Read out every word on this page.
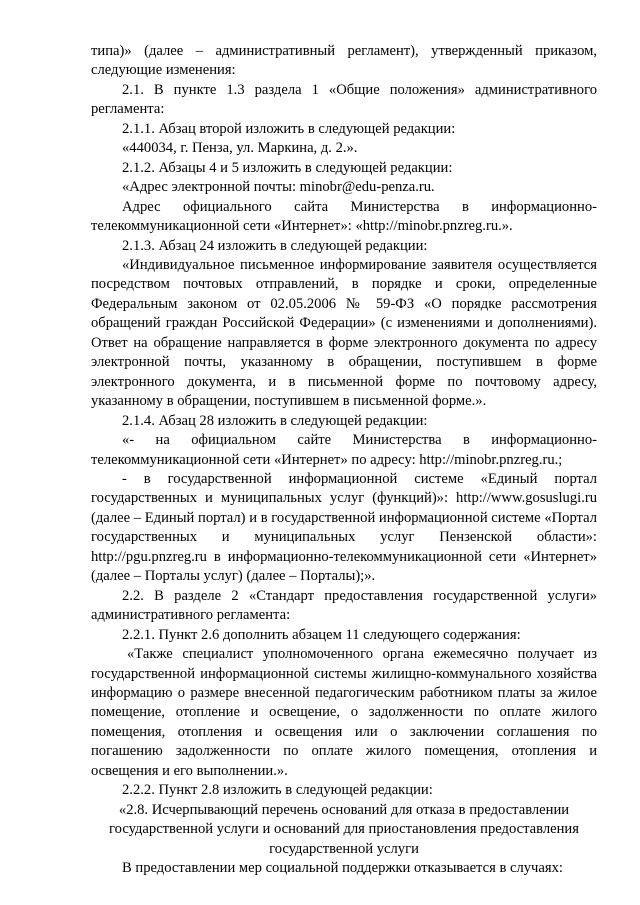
типа)» (далее – административный регламент), утвержденный приказом, следующие изменения:

2.1. В пункте 1.3 раздела 1 «Общие положения» административного регламента:

2.1.1. Абзац второй изложить в следующей редакции:

«440034, г. Пенза, ул. Маркина, д. 2.».

2.1.2. Абзацы 4 и 5 изложить в следующей редакции:

«Адрес электронной почты: minobr@edu-penza.ru.

Адрес официального сайта Министерства в информационно-телекоммуникационной сети «Интернет»: «http://minobr.pnzreg.ru.».

2.1.3. Абзац 24 изложить в следующей редакции:

«Индивидуальное письменное информирование заявителя осуществляется посредством почтовых отправлений, в порядке и сроки, определенные Федеральным законом от 02.05.2006 № 59-ФЗ «О порядке рассмотрения обращений граждан Российской Федерации» (с изменениями и дополнениями). Ответ на обращение направляется в форме электронного документа по адресу электронной почты, указанному в обращении, поступившем в форме электронного документа, и в письменной форме по почтовому адресу, указанному в обращении, поступившем в письменной форме.».

2.1.4. Абзац 28 изложить в следующей редакции:

«- на официальном сайте Министерства в информационно-телекоммуникационной сети «Интернет» по адресу: http://minobr.pnzreg.ru.;

- в государственной информационной системе «Единый портал государственных и муниципальных услуг (функций)»: http://www.gosuslugi.ru (далее – Единый портал) и в государственной информационной системе «Портал государственных и муниципальных услуг Пензенской области»: http://pgu.pnzreg.ru в информационно-телекоммуникационной сети «Интернет» (далее – Порталы услуг) (далее – Порталы);».

2.2. В разделе 2 «Стандарт предоставления государственной услуги» административного регламента:

2.2.1. Пункт 2.6 дополнить абзацем 11 следующего содержания:

«Также специалист уполномоченного органа ежемесячно получает из государственной информационной системы жилищно-коммунального хозяйства информацию о размере внесенной педагогическим работником платы за жилое помещение, отопление и освещение, о задолженности по оплате жилого помещения, отопления и освещения или о заключении соглашения по погашению задолженности по оплате жилого помещения, отопления и освещения и его выполнении.».

2.2.2. Пункт 2.8 изложить в следующей редакции:

«2.8. Исчерпывающий перечень оснований для отказа в предоставлении государственной услуги и оснований для приостановления предоставления государственной услуги

В предоставлении мер социальной поддержки отказывается в случаях:
